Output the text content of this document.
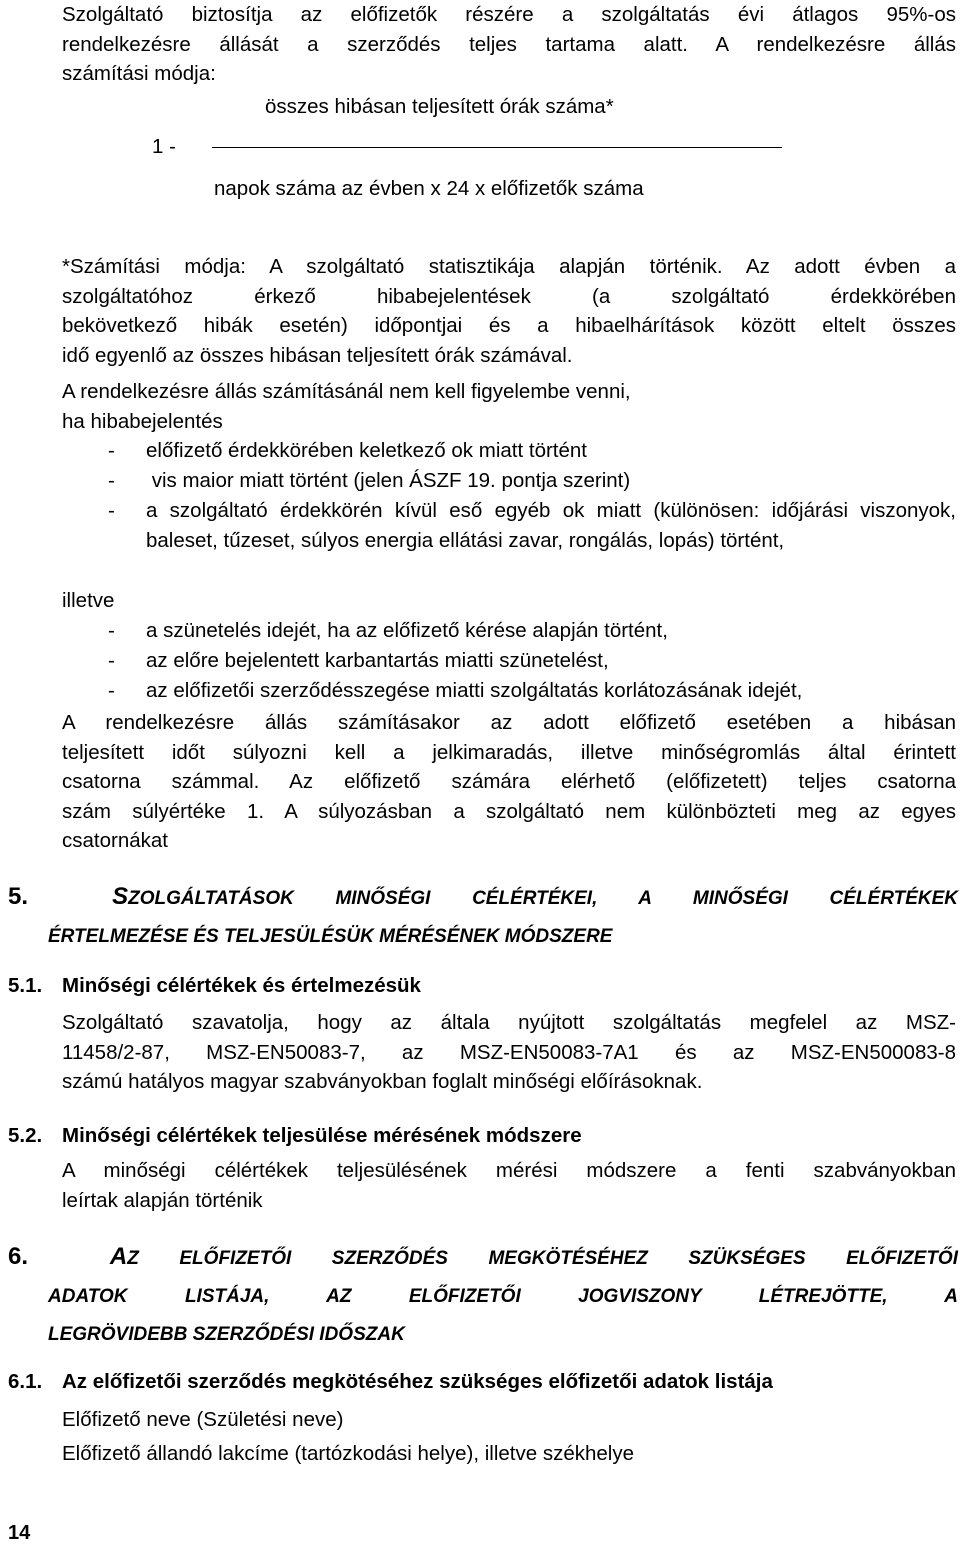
Szolgáltató biztosítja az előfizetők részére a szolgáltatás évi átlagos 95%-os
rendelkezésre állását a szerződés teljes tartama alatt. A rendelkezésre állás
számítási módja:
összes hibásan teljesített órák száma*
1 -
napok száma az évben x 24 x előfizetők száma
*Számítási módja: A szolgáltató statisztikája alapján történik. Az adott évben a
szolgáltatóhoz érkező hibabejelentések (a szolgáltató érdekkörében
bekövetkező hibák esetén) időpontjai és a hibaelhárítások között eltelt összes
idő egyenlő az összes hibásan teljesített órák számával.
A rendelkezésre állás számításánál nem kell figyelembe venni,
ha hibabejelentés
-	előfizető érdekkörében keletkező ok miatt történt
-	vis maior miatt történt (jelen ÁSZF 19. pontja szerint)
-	a szolgáltató érdekkörén kívül eső egyéb ok miatt (különösen: időjárási viszonyok, baleset, tűzeset, súlyos energia ellátási zavar, rongálás, lopás) történt,
illetve
-	a szünetelés idejét, ha az előfizető kérése alapján történt,
-	az előre bejelentett karbantartás miatti szünetelést,
-	az előfizetői szerződésszegése miatti szolgáltatás korlátozásának idejét,
A rendelkezésre állás számításakor az adott előfizető esetében a hibásan
teljesített időt súlyozni kell a jelkimaradás, illetve minőségromlás által érintett
csatorna számmal. Az előfizető számára elérhető (előfizetett) teljes csatorna
szám súlyértéke 1. A súlyozásban a szolgáltató nem különbözteti meg az egyes
csatornákat
5.	SZOLGÁLTATÁSOK MINŐSÉGI CÉLÉRTÉKEI, A MINŐSÉGI CÉLÉRTÉKEK
ÉRTELMEZÉSE ÉS TELJESÜLÉSÜK MÉRÉSÉNEK MÓDSZERE
5.1. Minőségi célértékek és értelmezésük
Szolgáltató szavatolja, hogy az általa nyújtott szolgáltatás megfelel az MSZ-
11458/2-87, MSZ-EN50083-7, az MSZ-EN50083-7A1 és az MSZ-EN500083-8
számú hatályos magyar szabványokban foglalt minőségi előírásoknak.
5.2. Minőségi célértékek teljesülése mérésének módszere
A minőségi célértékek teljesülésének mérési módszere a fenti szabványokban
leírtak alapján történik
6.	AZ ELŐFIZETŐI SZERZŐDÉS MEGKÖTÉSÉHEZ SZÜKSÉGES ELŐFIZETŐI
ADATOK LISTÁJA, AZ ELŐFIZETŐI JOGVISZONY LÉTREJÖTTE, A
LEGRÖVIDEBB SZERZŐDÉSI IDŐSZAK
6.1. Az előfizetői szerződés megkötéséhez szükséges előfizetői adatok listája
Előfizető neve (Születési neve)
Előfizető állandó lakcíme (tartózkodási helye), illetve székhelye
14
